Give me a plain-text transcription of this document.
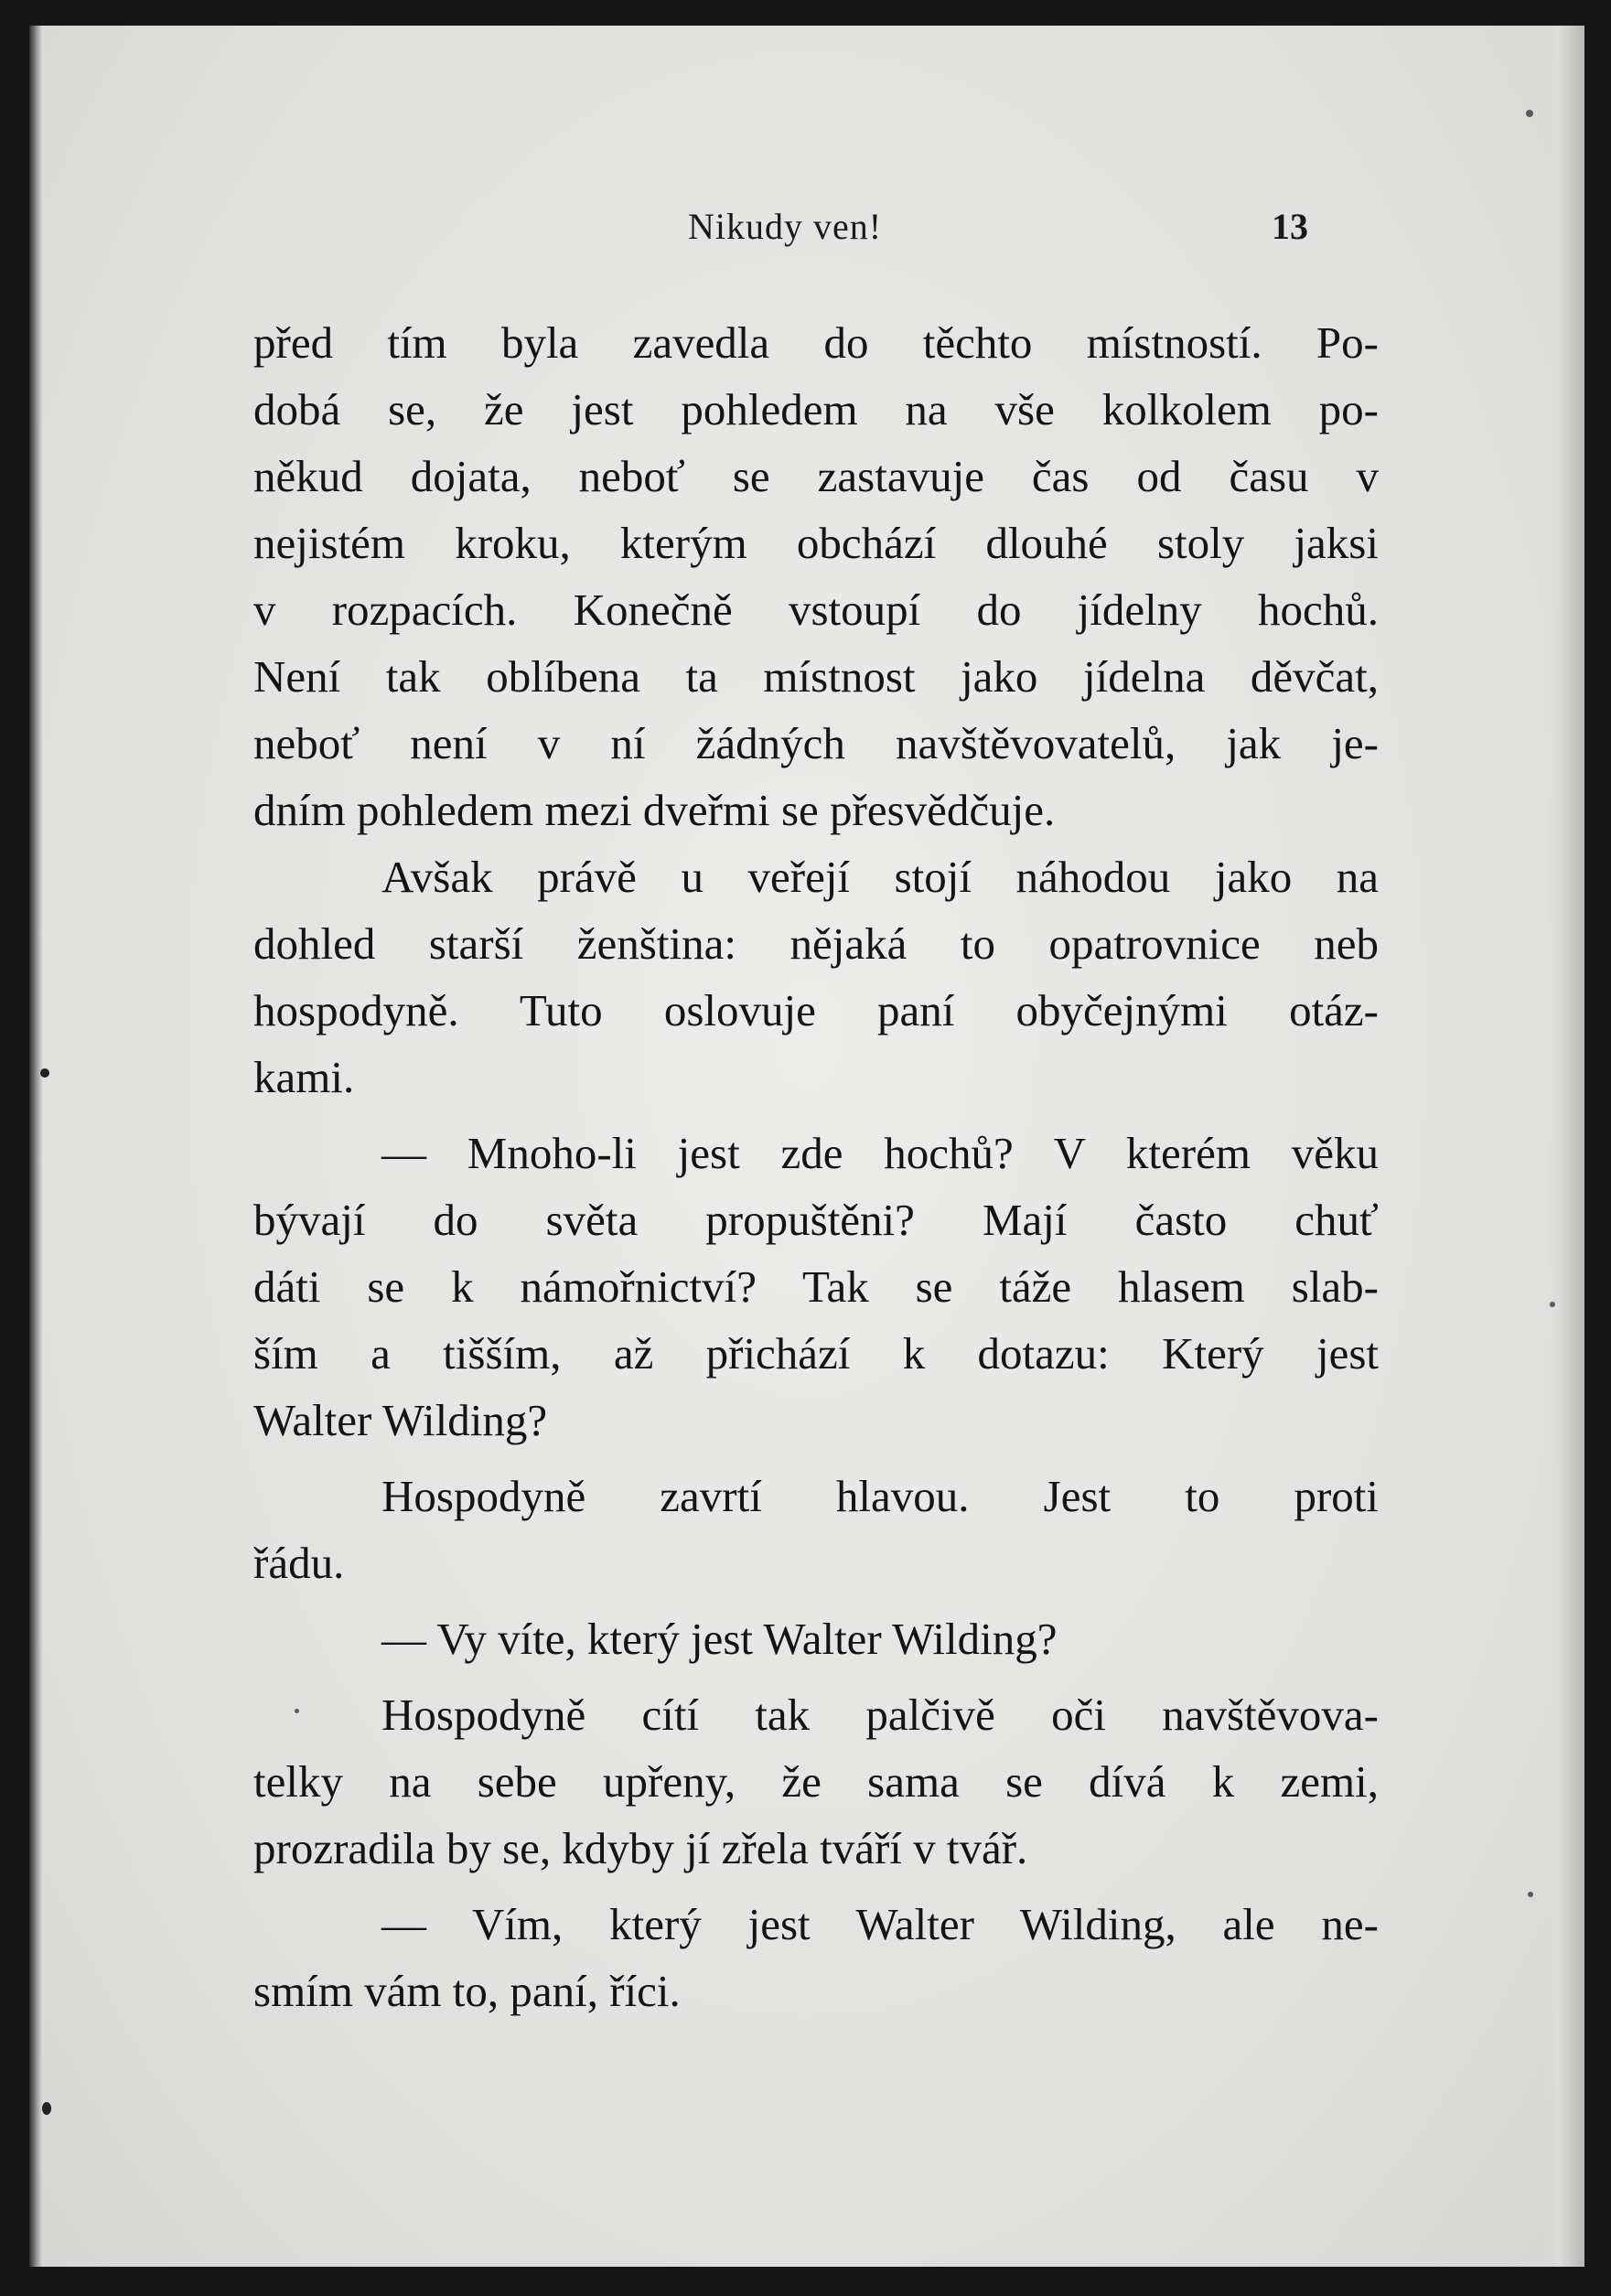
Nikudy ven!	13
před tím byla zavedla do těchto místností. Po-
dobá se, že jest pohledem na vše kolkolem po-
někud dojata, neboť se zastavuje čas od času v
nejistém kroku, kterým obchází dlouhé stoly jaksi
v rozpacích. Konečně vstoupí do jídelny hochů.
Není tak oblíbena ta místnost jako jídelna děvčat,
neboť není v ní žádných navštěvovatelů, jak je-
dním pohledem mezi dveřmi se přesvědčuje.
Avšak právě u veřejí stojí náhodou jako na
dohled starší ženština: nějaká to opatrovnice neb
hospodyně. Tuto oslovuje paní obyčejnými otáz-
kami.
— Mnoho-li jest zde hochů? V kterém věku
bývají do světa propuštěni? Mají často chuť
dáti se k námořnictví? Tak se táže hlasem slab-
ším a tišším, až přichází k dotazu: Který jest
Walter Wilding?
Hospodyně zavrtí hlavou. Jest to proti
řádu.
— Vy víte, který jest Walter Wilding?
Hospodyně cítí tak palčivě oči navštěvova-
telky na sebe upřeny, že sama se dívá k zemi,
prozradila by se, kdyby jí zřela tváří v tvář.
— Vím, který jest Walter Wilding, ale ne-
smím vám to, paní, říci.
